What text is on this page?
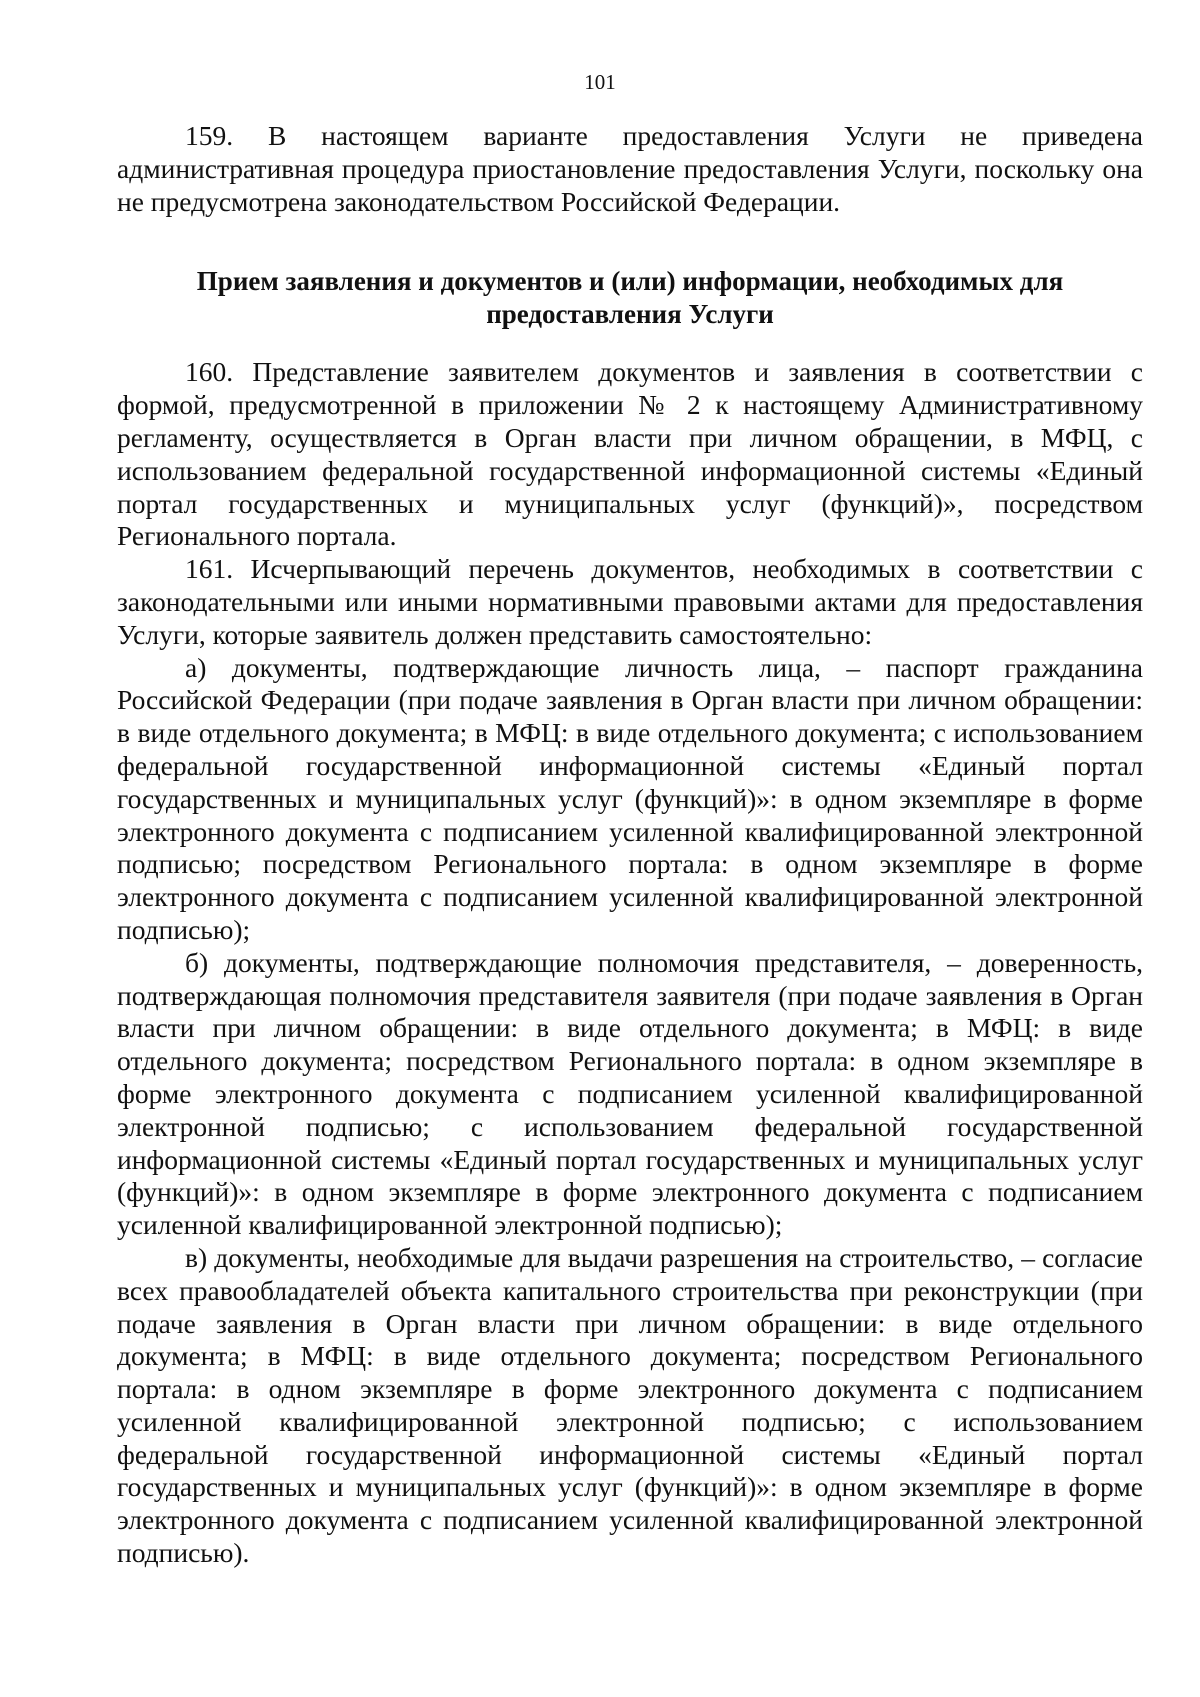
101

159. В настоящем варианте предоставления Услуги не приведена административная процедура приостановление предоставления Услуги, поскольку она не предусмотрена законодательством Российской Федерации.

Прием заявления и документов и (или) информации, необходимых для предоставления Услуги

160. Представление заявителем документов и заявления в соответствии с формой, предусмотренной в приложении № 2 к настоящему Административному регламенту, осуществляется в Орган власти при личном обращении, в МФЦ, с использованием федеральной государственной информационной системы «Единый портал государственных и муниципальных услуг (функций)», посредством Регионального портала.

161. Исчерпывающий перечень документов, необходимых в соответствии с законодательными или иными нормативными правовыми актами для предоставления Услуги, которые заявитель должен представить самостоятельно:

а) документы, подтверждающие личность лица, – паспорт гражданина Российской Федерации (при подаче заявления в Орган власти при личном обращении: в виде отдельного документа; в МФЦ: в виде отдельного документа; с использованием федеральной государственной информационной системы «Единый портал государственных и муниципальных услуг (функций)»: в одном экземпляре в форме электронного документа с подписанием усиленной квалифицированной электронной подписью; посредством Регионального портала: в одном экземпляре в форме электронного документа с подписанием усиленной квалифицированной электронной подписью);

б) документы, подтверждающие полномочия представителя, – доверенность, подтверждающая полномочия представителя заявителя (при подаче заявления в Орган власти при личном обращении: в виде отдельного документа; в МФЦ: в виде отдельного документа; посредством Регионального портала: в одном экземпляре в форме электронного документа с подписанием усиленной квалифицированной электронной подписью; с использованием федеральной государственной информационной системы «Единый портал государственных и муниципальных услуг (функций)»: в одном экземпляре в форме электронного документа с подписанием усиленной квалифицированной электронной подписью);

в) документы, необходимые для выдачи разрешения на строительство, – согласие всех правообладателей объекта капитального строительства при реконструкции (при подаче заявления в Орган власти при личном обращении: в виде отдельного документа; в МФЦ: в виде отдельного документа; посредством Регионального портала: в одном экземпляре в форме электронного документа с подписанием усиленной квалифицированной электронной подписью; с использованием федеральной государственной информационной системы «Единый портал государственных и муниципальных услуг (функций)»: в одном экземпляре в форме электронного документа с подписанием усиленной квалифицированной электронной подписью).
